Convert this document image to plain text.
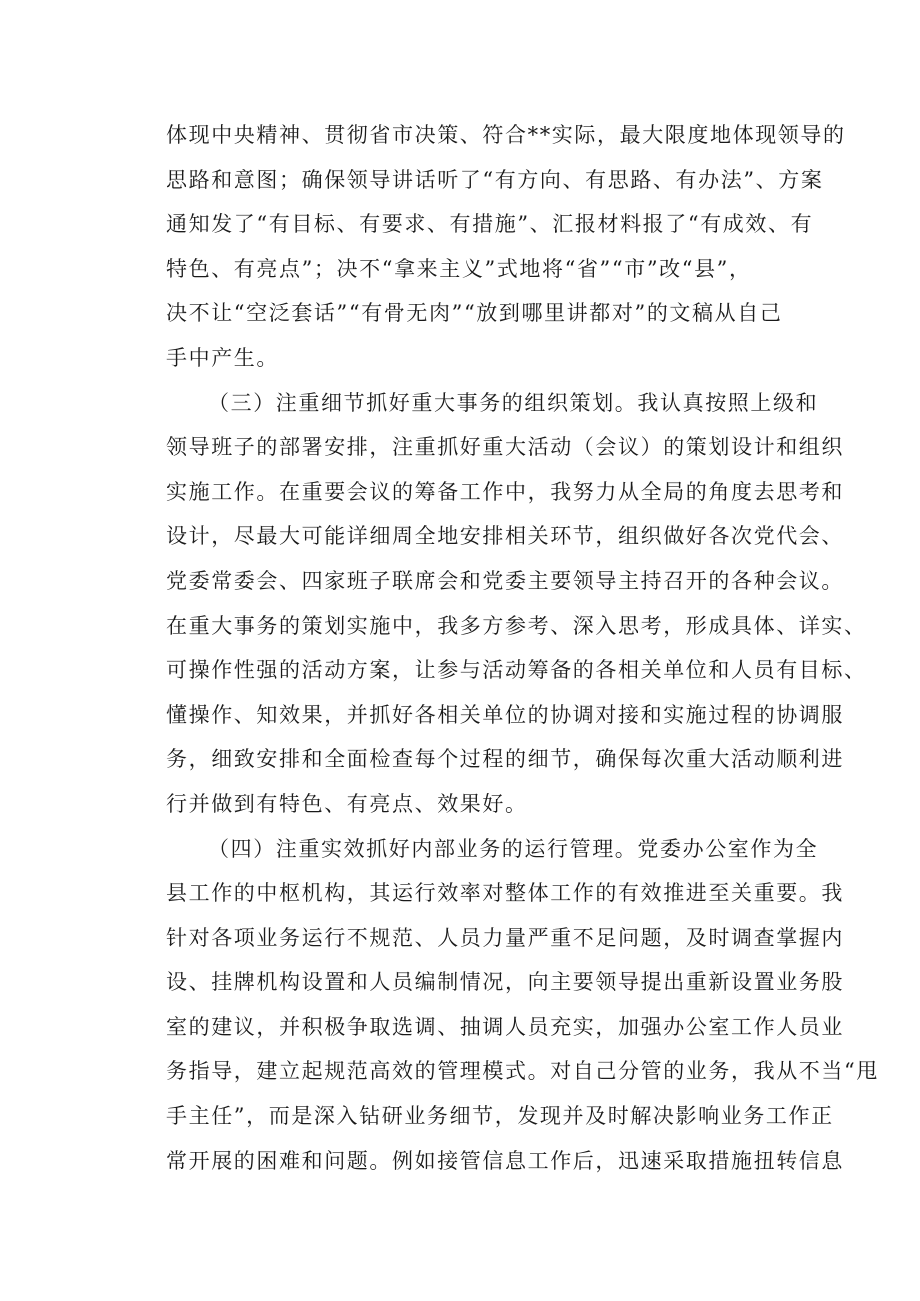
体现中央精神、贯彻省市决策、符合**实际，最大限度地体现领导的
思路和意图；确保领导讲话听了“有方向、有思路、有办法”、方案
通知发了“有目标、有要求、有措施”、汇报材料报了“有成效、有
特色、有亮点”；决不“拿来主义”式地将“省”“市”改“县”，
决不让“空泛套话”“有骨无肉”“放到哪里讲都对”的文稿从自己
手中产生。

（三）注重细节抓好重大事务的组织策划。我认真按照上级和
领导班子的部署安排，注重抓好重大活动（会议）的策划设计和组织
实施工作。在重要会议的筹备工作中，我努力从全局的角度去思考和
设计，尽最大可能详细周全地安排相关环节，组织做好各次党代会、
党委常委会、四家班子联席会和党委主要领导主持召开的各种会议。
在重大事务的策划实施中，我多方参考、深入思考，形成具体、详实、
可操作性强的活动方案，让参与活动筹备的各相关单位和人员有目标、
懂操作、知效果，并抓好各相关单位的协调对接和实施过程的协调服
务，细致安排和全面检查每个过程的细节，确保每次重大活动顺利进
行并做到有特色、有亮点、效果好。

（四）注重实效抓好内部业务的运行管理。党委办公室作为全
县工作的中枢机构，其运行效率对整体工作的有效推进至关重要。我
针对各项业务运行不规范、人员力量严重不足问题，及时调查掌握内
设、挂牌机构设置和人员编制情况，向主要领导提出重新设置业务股
室的建议，并积极争取选调、抽调人员充实，加强办公室工作人员业
务指导，建立起规范高效的管理模式。对自己分管的业务，我从不当“甩
手主任”，而是深入钻研业务细节，发现并及时解决影响业务工作正
常开展的困难和问题。例如接管信息工作后，迅速采取措施扭转信息
